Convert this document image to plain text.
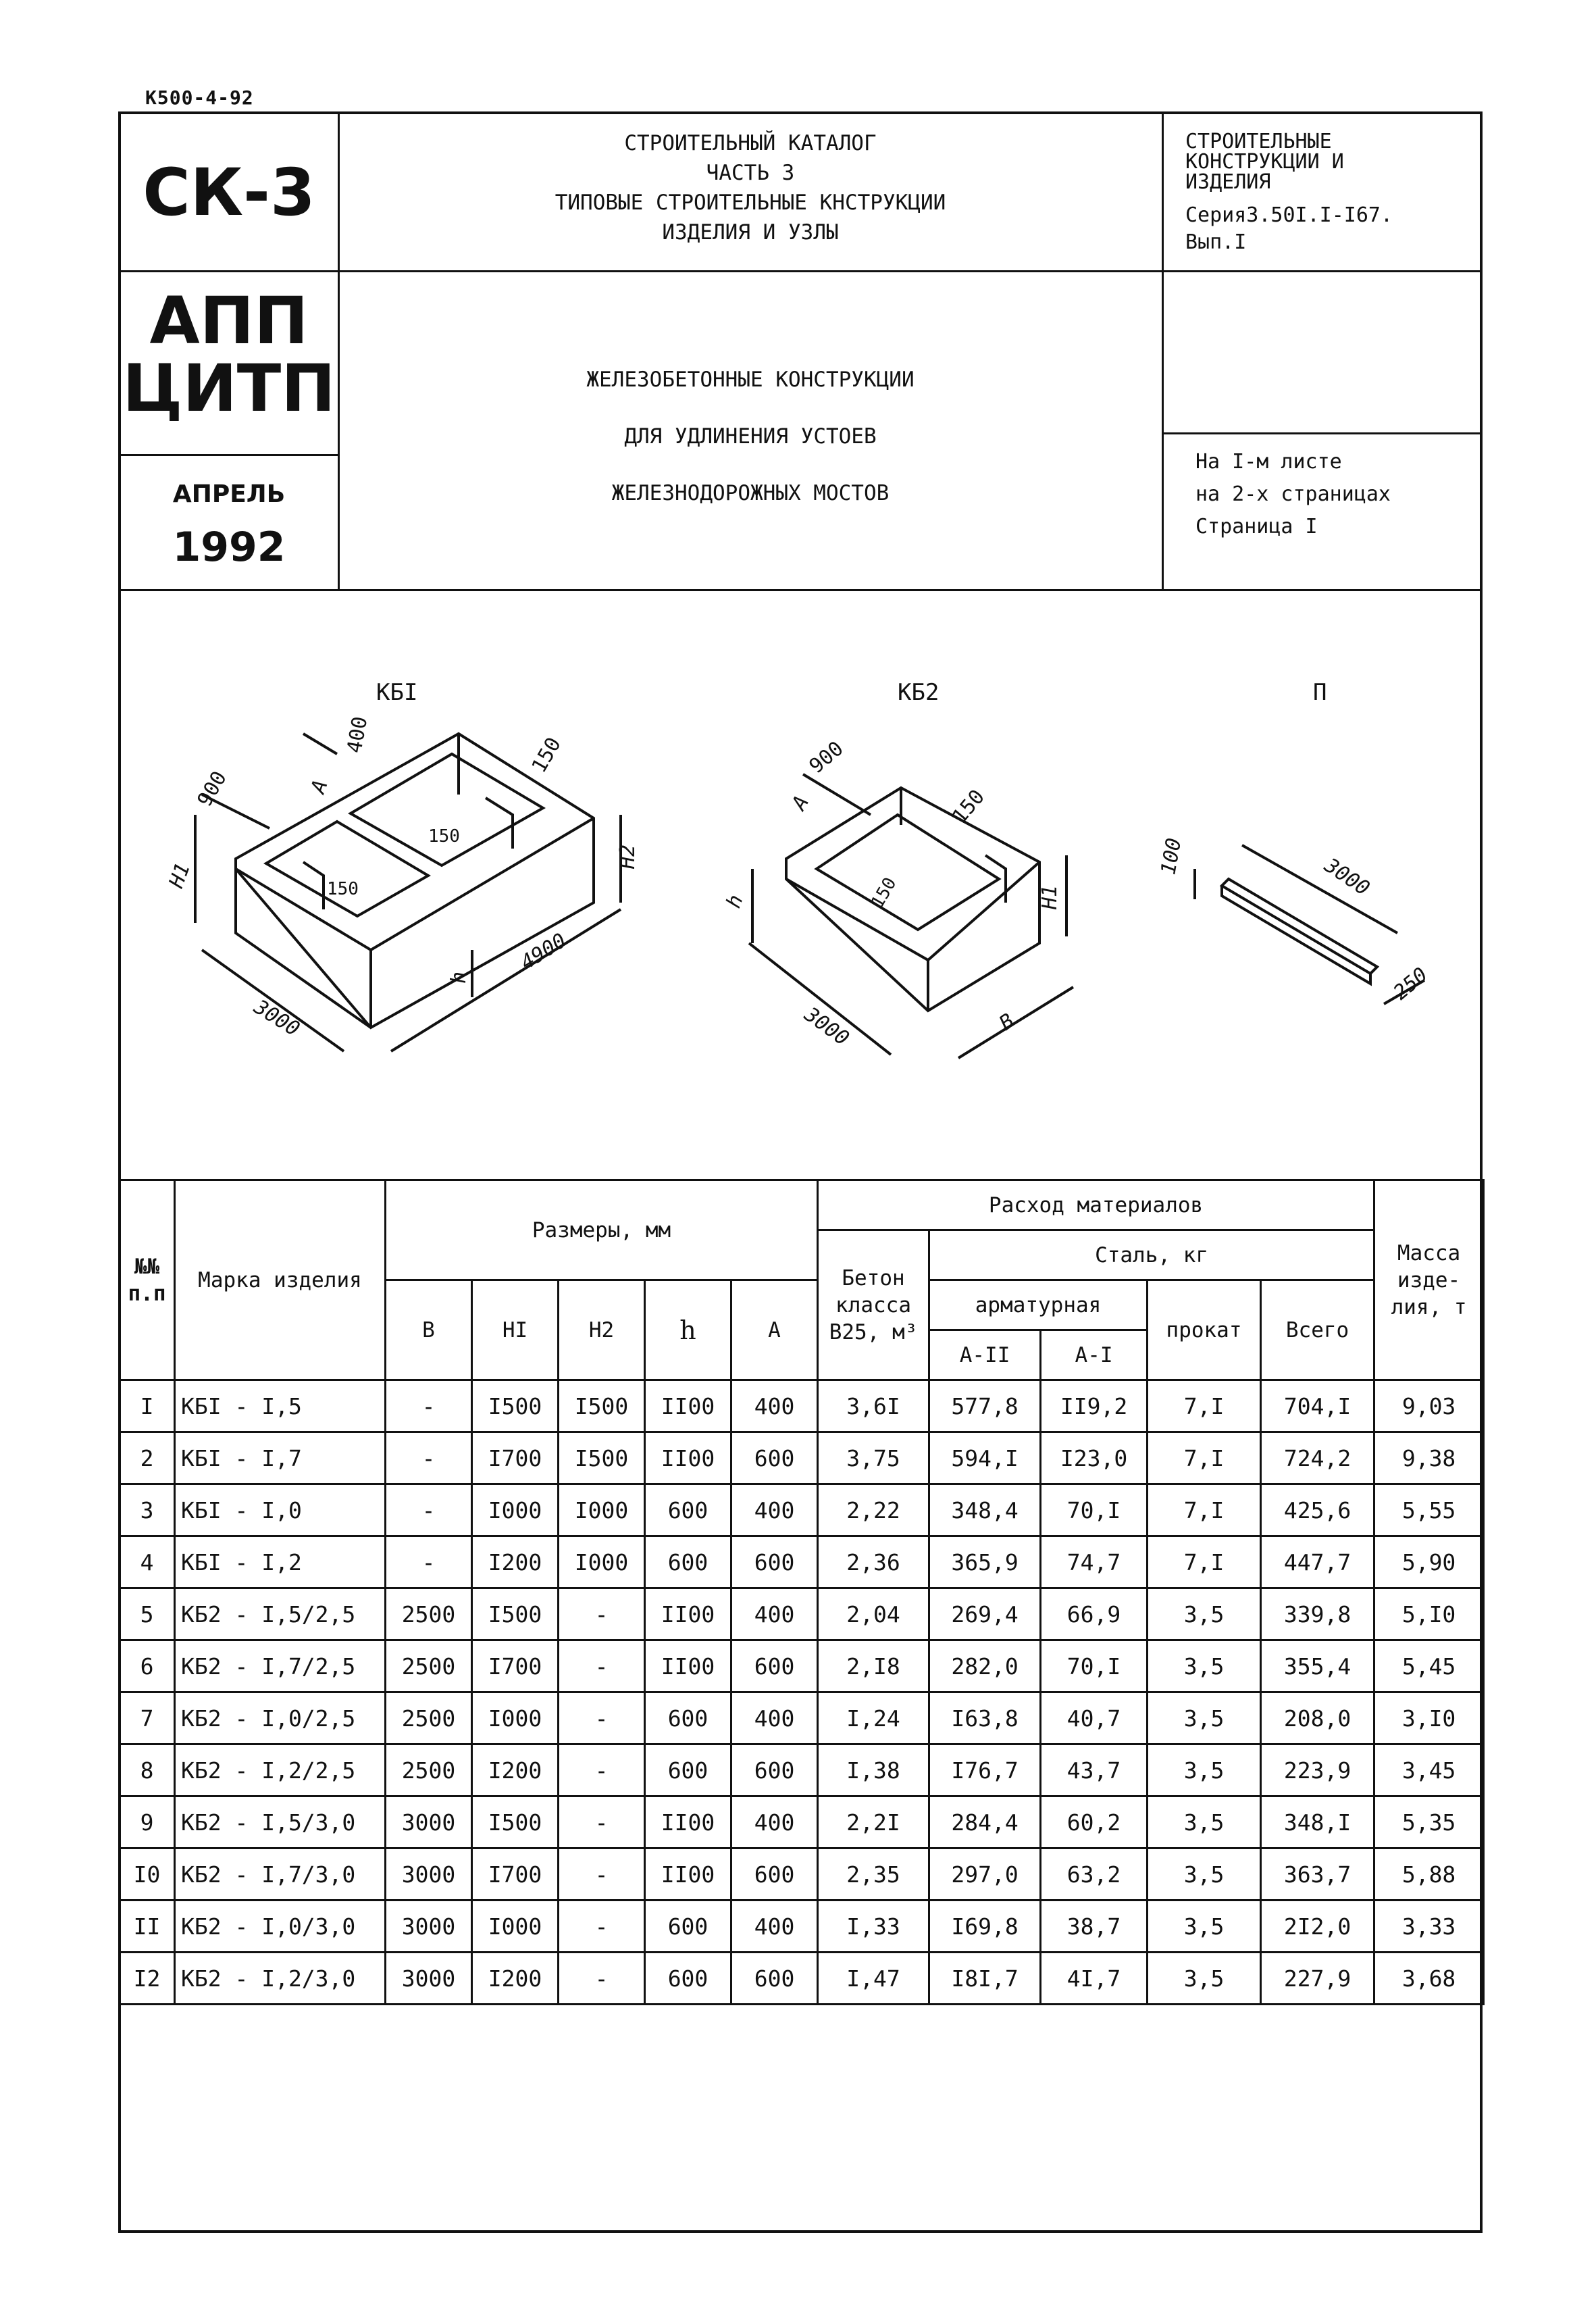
К500-4-92
СК-3
АПП
ЦИТП
АПРЕЛЬ
1992
СТРОИТЕЛЬНЫЙ КАТАЛОГ
ЧАСТЬ 3
ТИПОВЫЕ СТРОИТЕЛЬНЫЕ КНСТРУКЦИИ
ИЗДЕЛИЯ И УЗЛЫ
СТРОИТЕЛЬНЫЕ
КОНСТРУКЦИИ И
ИЗДЕЛИЯ
Серия3.50I.I-I67.
Вып.I
ЖЕЛЕЗОБЕТОННЫЕ КОНСТРУКЦИИ
ДЛЯ УДЛИНЕНИЯ УСТОЕВ
ЖЕЛЕЗНОДОРОЖНЫХ МОСТОВ
На I-м листе
на 2-х страницах
Страница I
КБI
3000
4900
H1
H2
h
900
400
A
150
150
150
КБ2
3000	B
h	H1
900
A	150
150
П
3000
250
100
№№ п.п	Марка изделия	Размеры, мм					Расход материалов					Масса изде- лия, т
							Бетон класса В25, м³	Сталь, кг				
		В	HI	H2	h	А		арматурная		прокат	Всего	
								А-II	А-I			
I	КБI - I,5	-	I500	I500	II00	400	3,6I	577,8	II9,2	7,I	704,I	9,03
2	КБI - I,7	-	I700	I500	II00	600	3,75	594,I	I23,0	7,I	724,2	9,38
3	КБI - I,0	-	I000	I000	600	400	2,22	348,4	70,I	7,I	425,6	5,55
4	КБI - I,2	-	I200	I000	600	600	2,36	365,9	74,7	7,I	447,7	5,90
5	КБ2 - I,5/2,5	2500	I500	-	II00	400	2,04	269,4	66,9	3,5	339,8	5,I0
6	КБ2 - I,7/2,5	2500	I700	-	II00	600	2,I8	282,0	70,I	3,5	355,4	5,45
7	КБ2 - I,0/2,5	2500	I000	-	600	400	I,24	I63,8	40,7	3,5	208,0	3,I0
8	КБ2 - I,2/2,5	2500	I200	-	600	600	I,38	I76,7	43,7	3,5	223,9	3,45
9	КБ2 - I,5/3,0	3000	I500	-	II00	400	2,2I	284,4	60,2	3,5	348,I	5,35
I0	КБ2 - I,7/3,0	3000	I700	-	II00	600	2,35	297,0	63,2	3,5	363,7	5,88
II	КБ2 - I,0/3,0	3000	I000	-	600	400	I,33	I69,8	38,7	3,5	2I2,0	3,33
I2	КБ2 - I,2/3,0	3000	I200	-	600	600	I,47	I8I,7	4I,7	3,5	227,9	3,68
